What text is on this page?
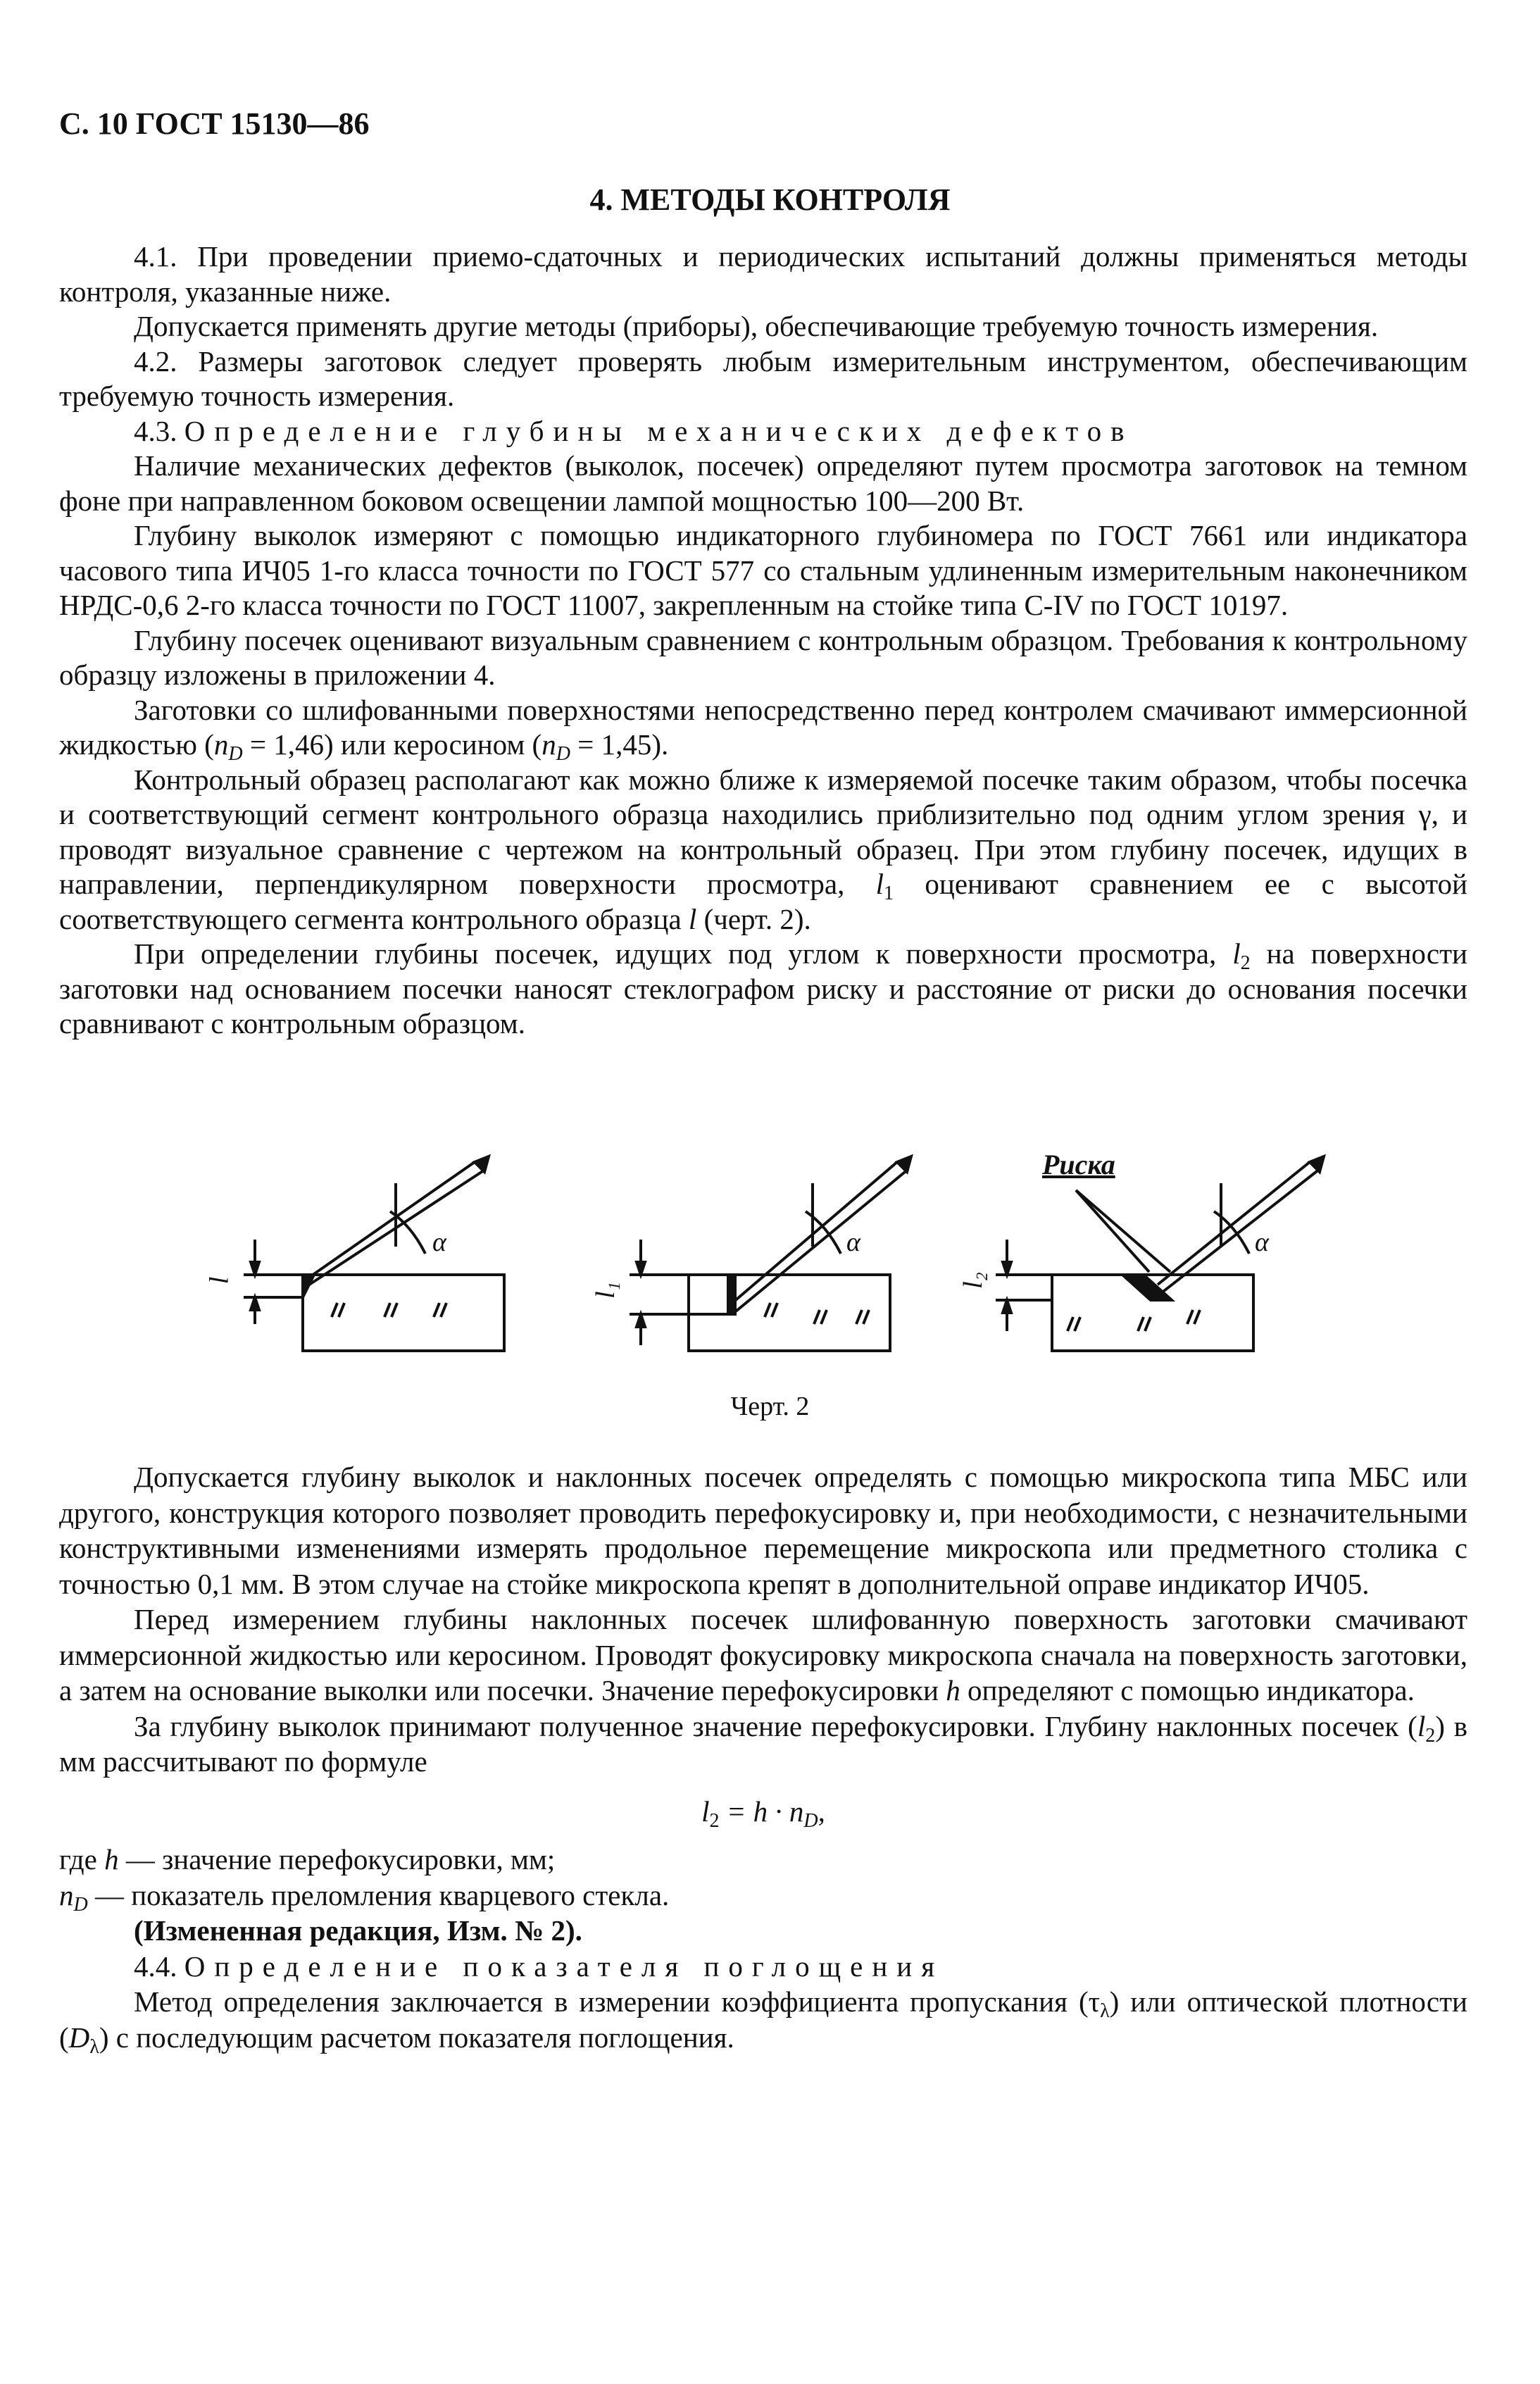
С. 10 ГОСТ 15130—86
4. МЕТОДЫ КОНТРОЛЯ

4.1. При проведении приемо-сдаточных и периодических испытаний должны применяться методы контроля, указанные ниже.

Допускается применять другие методы (приборы), обеспечивающие требуемую точность измерения.

4.2. Размеры заготовок следует проверять любым измерительным инструментом, обеспечивающим требуемую точность измерения.

4.3. Определение глубины механических дефектов

Наличие механических дефектов (выколок, посечек) определяют путем просмотра заготовок на темном фоне при направленном боковом освещении лампой мощностью 100—200 Вт.

Глубину выколок измеряют с помощью индикаторного глубиномера по ГОСТ 7661 или индикатора часового типа ИЧ05 1-го класса точности по ГОСТ 577 со стальным удлиненным измерительным наконечником НРДС-0,6 2-го класса точности по ГОСТ 11007, закрепленным на стойке типа С-IV по ГОСТ 10197.

Глубину посечек оценивают визуальным сравнением с контрольным образцом. Требования к контрольному образцу изложены в приложении 4.

Заготовки со шлифованными поверхностями непосредственно перед контролем смачивают иммерсионной жидкостью $(n_D = 1,46)$ или керосином $(n_D = 1,45)$.

Контрольный образец располагают как можно ближе к измеряемой посечке таким образом, чтобы посечка и соответствующий сегмент контрольного образца находились приблизительно под одним углом зрения γ, и проводят визуальное сравнение с чертежом на контрольный образец. При этом глубину посечек, идущих в направлении, перпендикулярном поверхности просмотра, $l_1$ оценивают сравнением ее с высотой соответствующего сегмента контрольного образца l (черт. 2).

При определении глубины посечек, идущих под углом к поверхности просмотра, $l_2$ на поверхности заготовки над основанием посечки наносят стеклографом риску и расстояние от риски до основания посечки сравнивают с контрольным образцом.

l
l₁
l₂
α	α	α
Риска
Черт. 2

Допускается глубину выколок и наклонных посечек определять с помощью микроскопа типа МБС или другого, конструкция которого позволяет проводить перефокусировку и, при необходимости, с незначительными конструктивными изменениями измерять продольное перемещение микроскопа или предметного столика с точностью 0,1 мм. В этом случае на стойке микроскопа крепят в дополнительной оправе индикатор ИЧ05.

Перед измерением глубины наклонных посечек шлифованную поверхность заготовки смачивают иммерсионной жидкостью или керосином. Проводят фокусировку микроскопа сначала на поверхность заготовки, а затем на основание выколки или посечки. Значение перефокусировки h определяют с помощью индикатора.

За глубину выколок принимают полученное значение перефокусировки. Глубину наклонных посечек $(l_2)$ в мм рассчитывают по формуле

$l_2 = h \cdot n_D$,

где h — значение перефокусировки, мм;

$n_D$ — показатель преломления кварцевого стекла.

(Измененная редакция, Изм. № 2).

4.4. Определение показателя поглощения

Метод определения заключается в измерении коэффициента пропускания $(\tau_\lambda)$ или оптической плотности $(D_\lambda)$ с последующим расчетом показателя поглощения.
